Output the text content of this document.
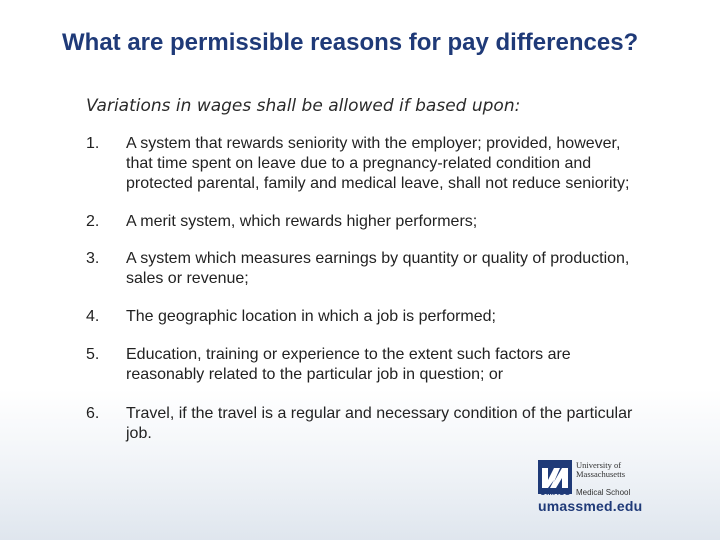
What are permissible reasons for pay differences?
Variations in wages shall be allowed if based upon:
1.	A system that rewards seniority with the employer; provided, however, that time spent on leave due to a pregnancy-related condition and protected parental, family and medical leave, shall not reduce seniority;
2.	A merit system, which rewards higher performers;
3.	A system which measures earnings by quantity or quality of production, sales or revenue;
4.	The geographic location in which a job is performed;
5.	Education, training or experience to the extent such factors are reasonably related to the particular job in question; or
6.	Travel, if the travel is a regular and necessary condition of the particular job.
University of
Massachusetts
UMASS Medical School
umassmed.edu
